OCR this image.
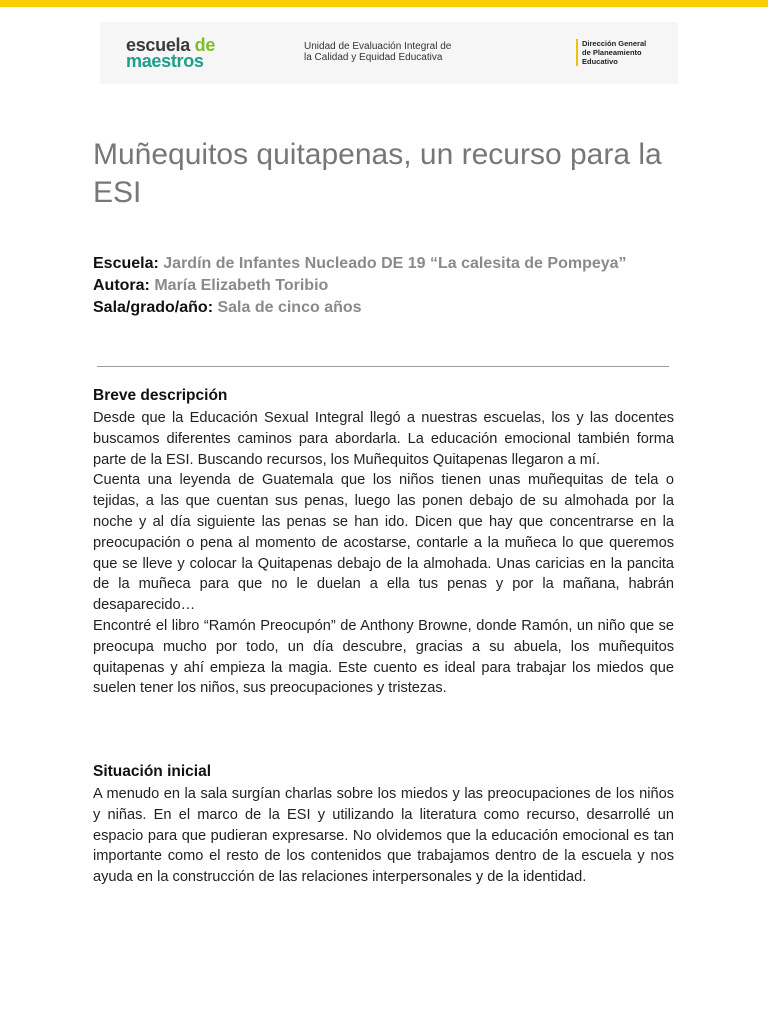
escuela de
maestros
Unidad de Evaluación Integral de
la Calidad y Equidad Educativa
Dirección General
de Planeamiento
Educativo
Muñequitos quitapenas, un recurso para la ESI
Escuela: Jardín de Infantes Nucleado DE 19 “La calesita de Pompeya”
Autora: María Elizabeth Toribio
Sala/grado/año: Sala de cinco años
Breve descripción

Desde que la Educación Sexual Integral llegó a nuestras escuelas, los y las docentes buscamos diferentes caminos para abordarla. La educación emocional también forma parte de la ESI. Buscando recursos, los Muñequitos Quitapenas llegaron a mí.

Cuenta una leyenda de Guatemala que los niños tienen unas muñequitas de tela o tejidas, a las que cuentan sus penas, luego las ponen debajo de su almohada por la noche y al día siguiente las penas se han ido. Dicen que hay que concentrarse en la preocupación o pena al momento de acostarse, contarle a la muñeca lo que queremos que se lleve y colocar la Quitapenas debajo de la almohada. Unas caricias en la pancita de la muñeca para que no le duelan a ella tus penas y por la mañana, habrán desaparecido…

Encontré el libro “Ramón Preocupón” de Anthony Browne, donde Ramón, un niño que se preocupa mucho por todo, un día descubre, gracias a su abuela, los muñequitos quitapenas y ahí empieza la magia. Este cuento es ideal para trabajar los miedos que suelen tener los niños, sus preocupaciones y tristezas.

Situación inicial

A menudo en la sala surgían charlas sobre los miedos y las preocupaciones de los niños y niñas. En el marco de la ESI y utilizando la literatura como recurso, desarrollé un espacio para que pudieran expresarse. No olvidemos que la educación emocional es tan importante como el resto de los contenidos que trabajamos dentro de la escuela y nos ayuda en la construcción de las relaciones interpersonales y de la identidad.
